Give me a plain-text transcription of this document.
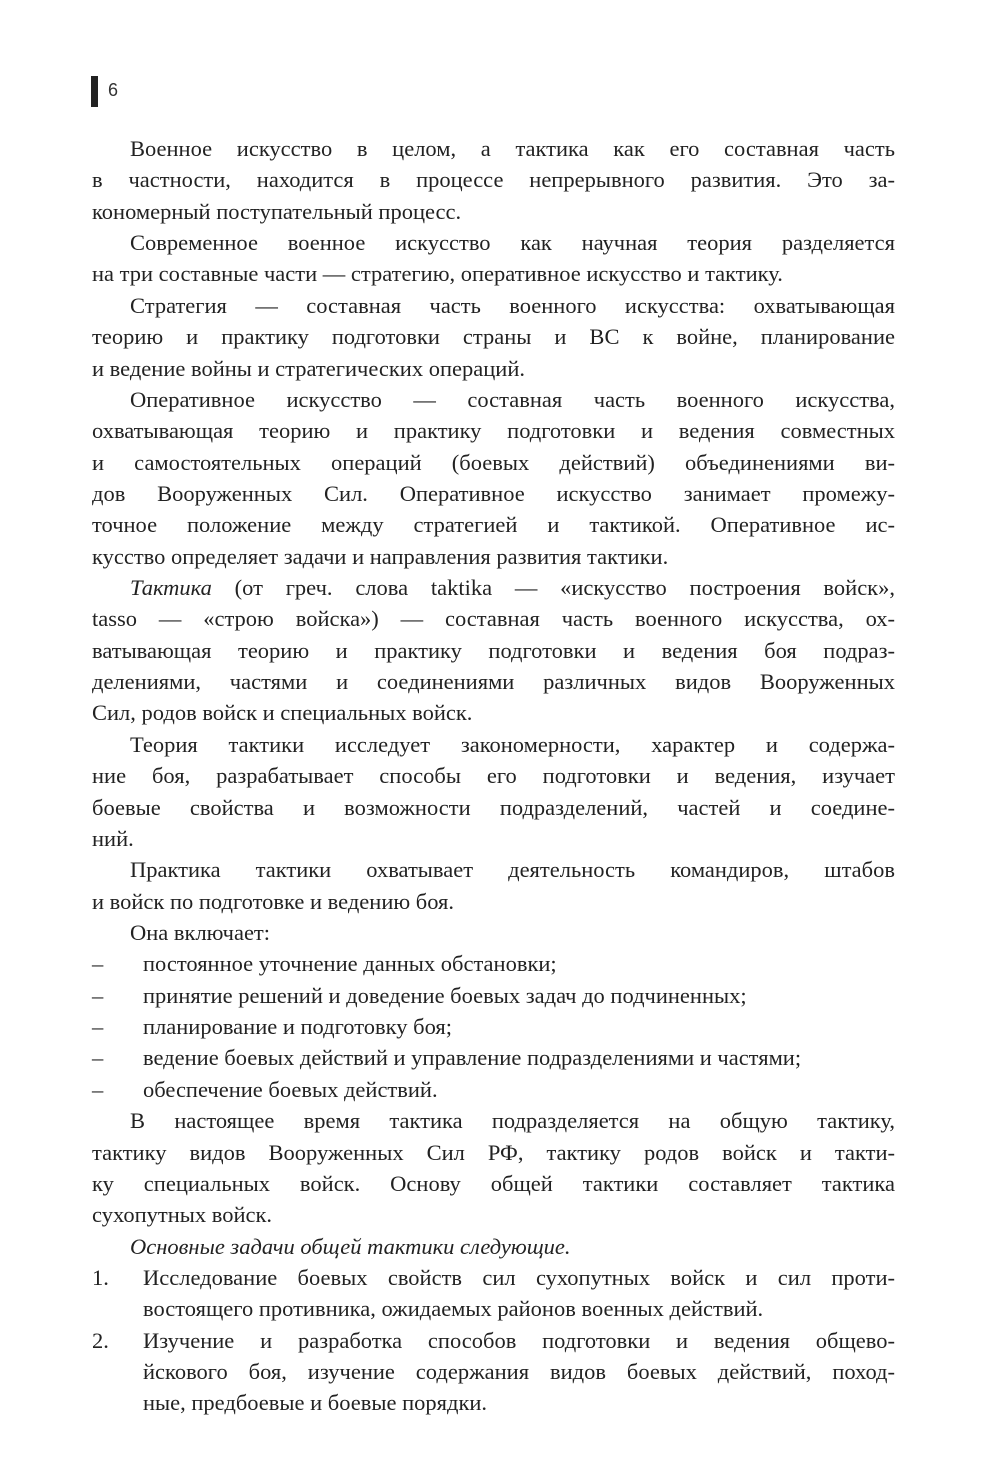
6
Военное искусство в целом, а тактика как его составная часть
в частности, находится в процессе непрерывного развития. Это за-
кономерный поступательный процесс.
Современное военное искусство как научная теория разделяется
на три составные части — стратегию, оперативное искусство и тактику.
Стратегия — составная часть военного искусства: охватывающая
теорию и практику подготовки страны и ВС к войне, планирование
и ведение войны и стратегических операций.
Оперативное искусство — составная часть военного искусства,
охватывающая теорию и практику подготовки и ведения совместных
и самостоятельных операций (боевых действий) объединениями ви-
дов Вооруженных Сил. Оперативное искусство занимает промежу-
точное положение между стратегией и тактикой. Оперативное ис-
кусство определяет задачи и направления развития тактики.
Тактика (от греч. слова taktika — «искусство построения войск»,
tasso — «строю войска») — составная часть военного искусства, ох-
ватывающая теорию и практику подготовки и ведения боя подраз-
делениями, частями и соединениями различных видов Вооруженных
Сил, родов войск и специальных войск.
Теория тактики исследует закономерности, характер и содержа-
ние боя, разрабатывает способы его подготовки и ведения, изучает
боевые свойства и возможности подразделений, частей и соедине-
ний.
Практика тактики охватывает деятельность командиров, штабов
и войск по подготовке и ведению боя.
Она включает:
– постоянное уточнение данных обстановки;
– принятие решений и доведение боевых задач до подчиненных;
– планирование и подготовку боя;
– ведение боевых действий и управление подразделениями и частями;
– обеспечение боевых действий.
В настоящее время тактика подразделяется на общую тактику,
тактику видов Вооруженных Сил РФ, тактику родов войск и такти-
ку специальных войск. Основу общей тактики составляет тактика
сухопутных войск.
Основные задачи общей тактики следующие.
1. Исследование боевых свойств сил сухопутных войск и сил проти-
востоящего противника, ожидаемых районов военных действий.
2. Изучение и разработка способов подготовки и ведения общево-
йскового боя, изучение содержания видов боевых действий, поход-
ные, предбоевые и боевые порядки.
